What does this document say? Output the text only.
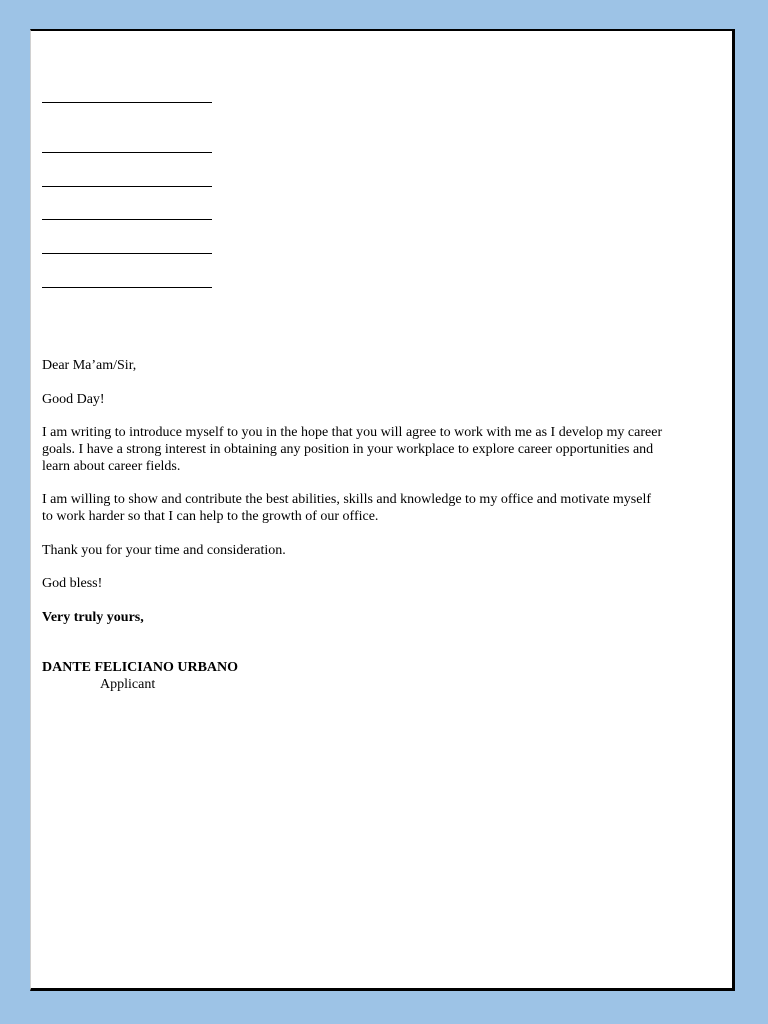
Dear Ma’am/Sir,

Good Day!

I am writing to introduce myself to you in the hope that you will agree to work with me as I develop my career
goals. I have a strong interest in obtaining any position in your workplace to explore career opportunities and
learn about career fields.
I am willing to show and contribute the best abilities, skills and knowledge to my office and motivate myself
to work harder so that I can help to the growth of our office.

Thank you for your time and consideration.

God bless!

Very truly yours,

DANTE FELICIANO URBANO

Applicant
